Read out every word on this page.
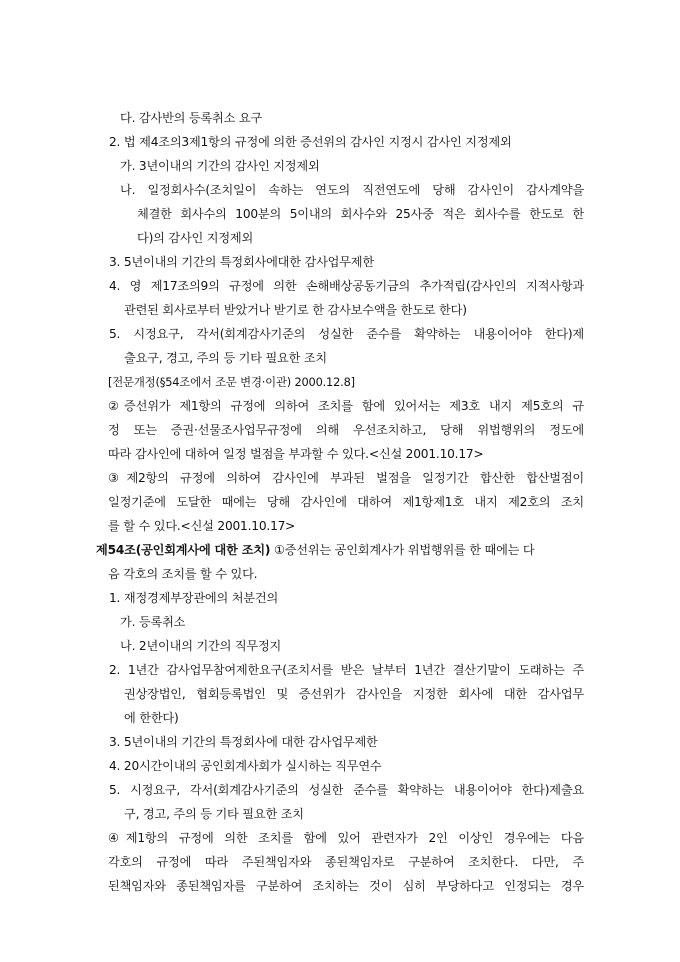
다. 감사반의 등록취소 요구

2. 법 제4조의3제1항의 규정에 의한 증선위의 감사인 지정시 감사인 지정제외

가. 3년이내의 기간의 감사인 지정제외

나. 일정회사수(조치일이 속하는 연도의 직전연도에 당해 감사인이 감사계약을

체결한 회사수의 100분의 5이내의 회사수와 25사중 적은 회사수를 한도로 한

다)의 감사인 지정제외

3. 5년이내의 기간의 특정회사에대한 감사업무제한

4. 영 제17조의9의 규정에 의한 손해배상공동기금의 추가적립(감사인의 지적사항과

관련된 회사로부터 받았거나 받기로 한 감사보수액을 한도로 한다)

5. 시정요구, 각서(회계감사기준의 성실한 준수를 확약하는 내용이어야 한다)제

출요구, 경고, 주의 등 기타 필요한 조치

[전문개정(§54조에서 조문 변경·이관) 2000.12.8]

②증선위가 제1항의 규정에 의하여 조치를 함에 있어서는 제3호 내지 제5호의 규

정 또는 증권·선물조사업무규정에 의해 우선조치하고, 당해 위법행위의 정도에

따라 감사인에 대하여 일정 벌점을 부과할 수 있다.<신설 2001.10.17>

③제2항의 규정에 의하여 감사인에 부과된 벌점을 일정기간 합산한 합산벌점이

일정기준에 도달한 때에는 당해 감사인에 대하여 제1항제1호 내지 제2호의 조치

를 할 수 있다.<신설 2001.10.17>

제54조(공인회계사에 대한 조치) ①증선위는 공인회계사가 위법행위를 한 때에는 다

음 각호의 조치를 할 수 있다.

1. 재정경제부장관에의 처분건의

가. 등록취소

나. 2년이내의 기간의 직무정지

2. 1년간 감사업무참여제한요구(조치서를 받은 날부터 1년간 결산기말이 도래하는 주

권상장법인, 협회등록법인 및 증선위가 감사인을 지정한 회사에 대한 감사업무

에 한한다)

3. 5년이내의 기간의 특정회사에 대한 감사업무제한

4. 20시간이내의 공인회계사회가 실시하는 직무연수

5. 시정요구, 각서(회계감사기준의 성실한 준수를 확약하는 내용이어야 한다)제출요

구, 경고, 주의 등 기타 필요한 조치

④제1항의 규정에 의한 조치를 함에 있어 관련자가 2인 이상인 경우에는 다음

각호의 규정에 따라 주된책임자와 종된책임자로 구분하여 조치한다. 다만, 주

된책임자와 종된책임자를 구분하여 조치하는 것이 심히 부당하다고 인정되는 경우
